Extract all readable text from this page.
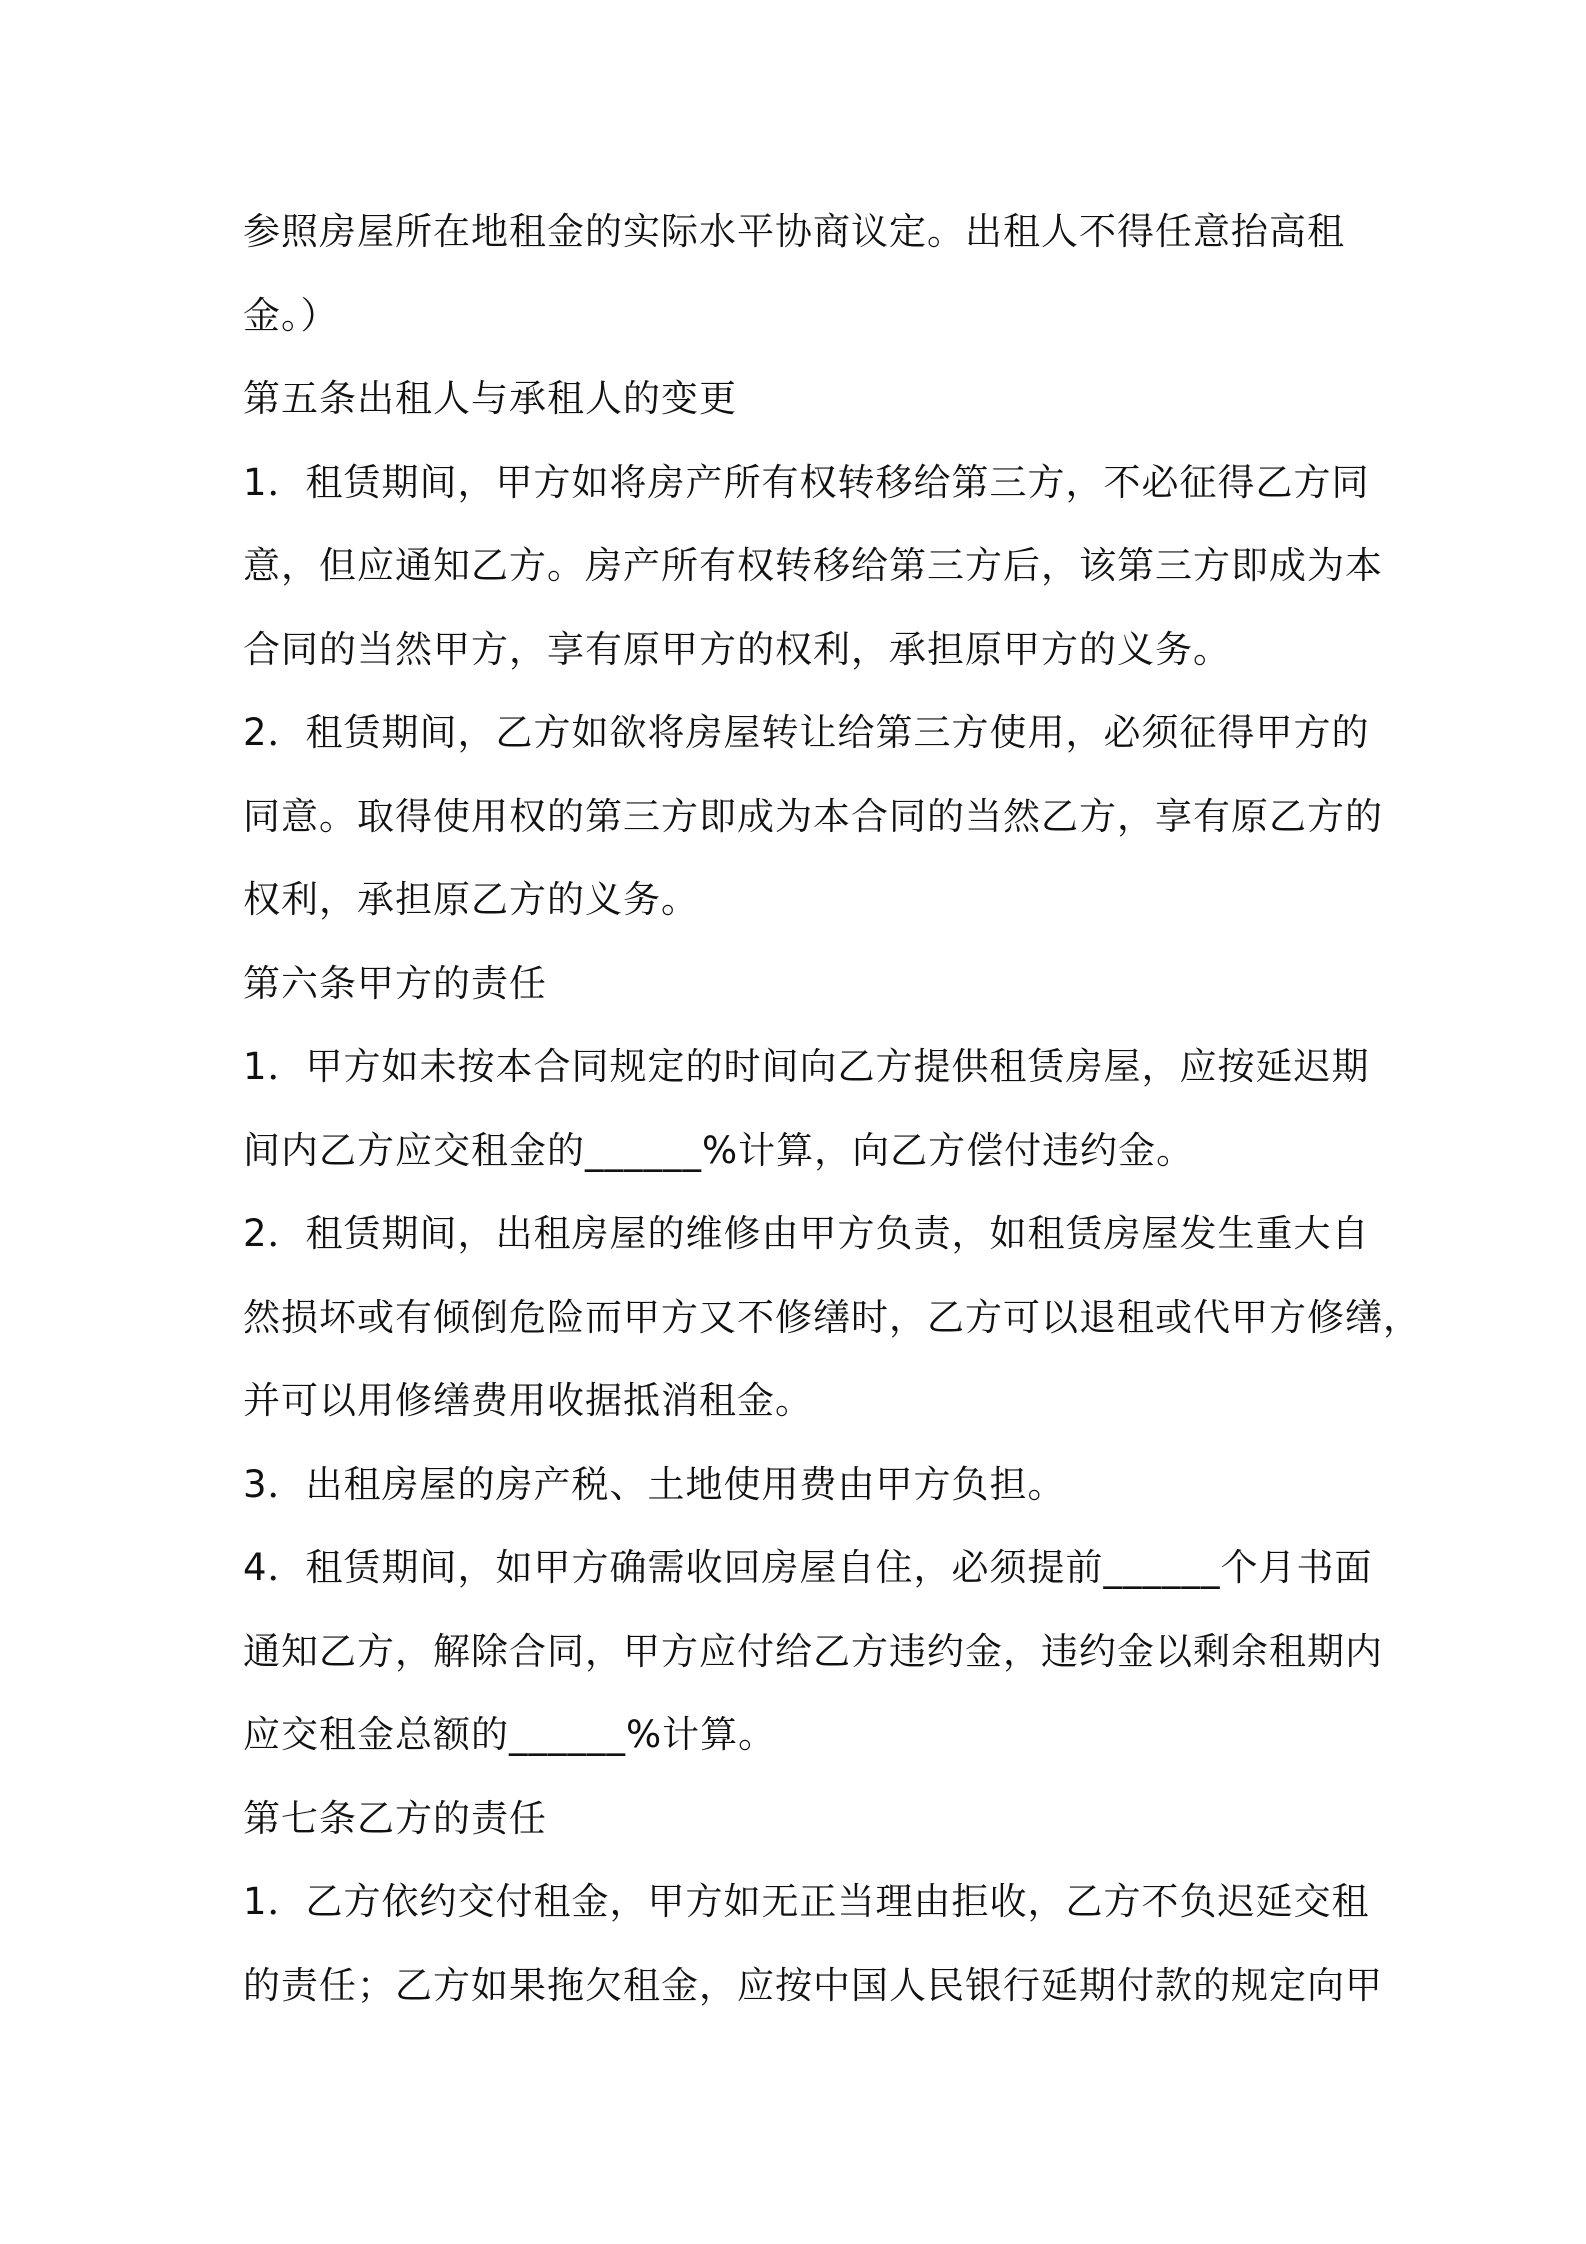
参照房屋所在地租金的实际水平协商议定。出租人不得任意抬高租
金。）
第五条出租人与承租人的变更
1．租赁期间，甲方如将房产所有权转移给第三方，不必征得乙方同
意，但应通知乙方。房产所有权转移给第三方后，该第三方即成为本
合同的当然甲方，享有原甲方的权利，承担原甲方的义务。
2．租赁期间，乙方如欲将房屋转让给第三方使用，必须征得甲方的
同意。取得使用权的第三方即成为本合同的当然乙方，享有原乙方的
权利，承担原乙方的义务。
第六条甲方的责任
1．甲方如未按本合同规定的时间向乙方提供租赁房屋，应按延迟期
间内乙方应交租金的______%计算，向乙方偿付违约金。
2．租赁期间，出租房屋的维修由甲方负责，如租赁房屋发生重大自
然损坏或有倾倒危险而甲方又不修缮时，乙方可以退租或代甲方修缮，
并可以用修缮费用收据抵消租金。
3．出租房屋的房产税、土地使用费由甲方负担。
4．租赁期间，如甲方确需收回房屋自住，必须提前______个月书面
通知乙方，解除合同，甲方应付给乙方违约金，违约金以剩余租期内
应交租金总额的______%计算。
第七条乙方的责任
1．乙方依约交付租金，甲方如无正当理由拒收，乙方不负迟延交租
的责任；乙方如果拖欠租金，应按中国人民银行延期付款的规定向甲
